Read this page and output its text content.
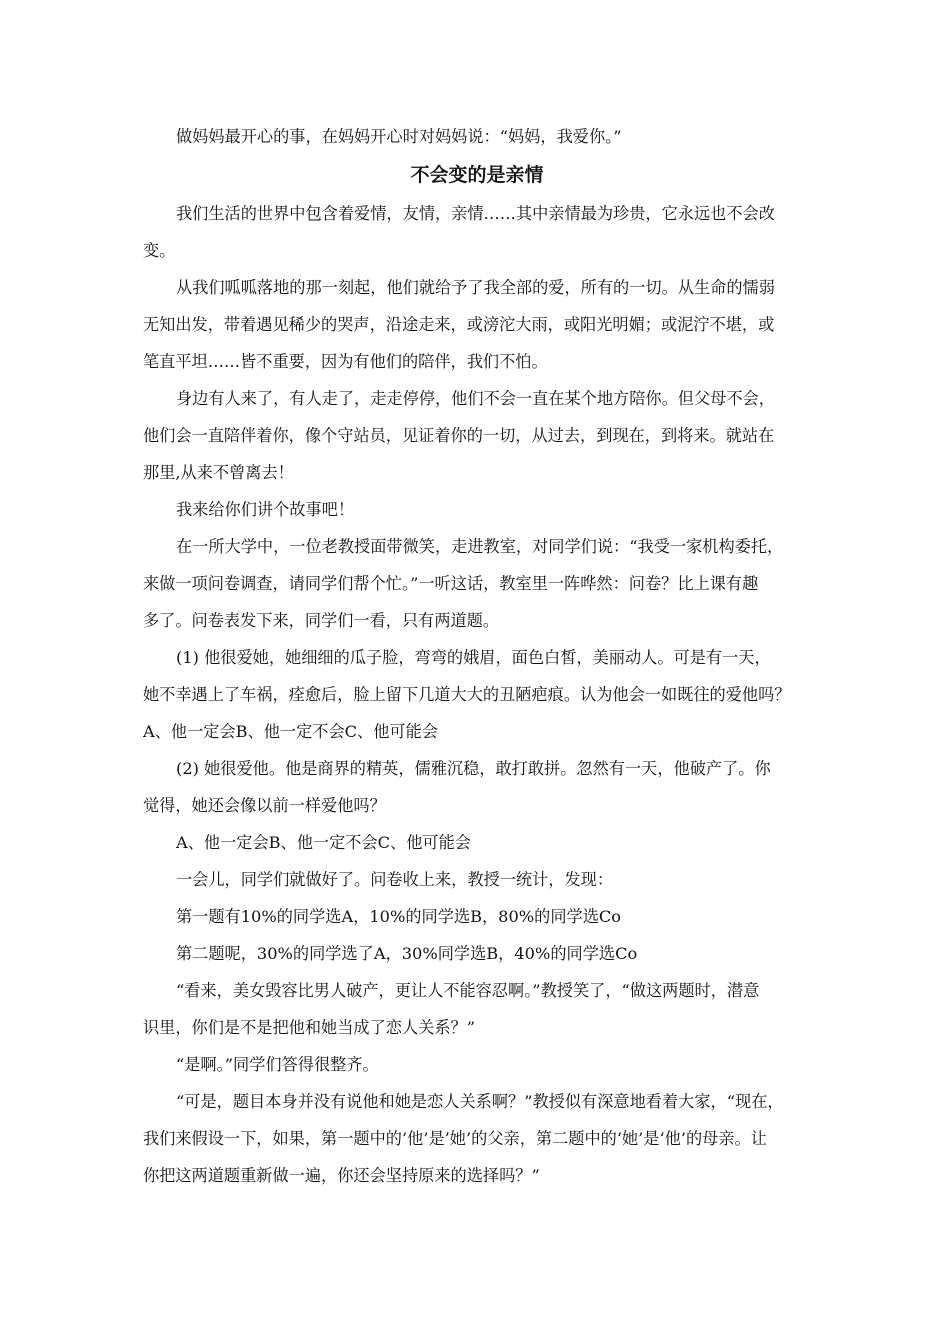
做妈妈最开心的事，在妈妈开心时对妈妈说：“妈妈，我爱你。”

不会变的是亲情

我们生活的世界中包含着爱情，友情，亲情……其中亲情最为珍贵，它永远也不会改

变。

从我们呱呱落地的那一刻起，他们就给予了我全部的爱，所有的一切。从生命的懦弱

无知出发，带着遇见稀少的哭声，沿途走来，或滂沱大雨，或阳光明媚；或泥泞不堪，或

笔直平坦……皆不重要，因为有他们的陪伴，我们不怕。

身边有人来了，有人走了，走走停停，他们不会一直在某个地方陪你。但父母不会，

他们会一直陪伴着你，像个守站员，见证着你的一切，从过去，到现在，到将来。就站在

那里,从来不曾离去！

我来给你们讲个故事吧！

在一所大学中，一位老教授面带微笑，走进教室，对同学们说：“我受一家机构委托，

来做一项问卷调查，请同学们帮个忙。”一听这话，教室里一阵哗然：问卷？比上课有趣

多了。问卷表发下来，同学们一看，只有两道题。

(1) 他很爱她，她细细的瓜子脸，弯弯的娥眉，面色白皙，美丽动人。可是有一天，

她不幸遇上了车祸，痊愈后，脸上留下几道大大的丑陋疤痕。认为他会一如既往的爱他吗？

A、他一定会B、他一定不会C、他可能会

(2) 她很爱他。他是商界的精英，儒雅沉稳，敢打敢拼。忽然有一天，他破产了。你

觉得，她还会像以前一样爱他吗？

A、他一定会B、他一定不会C、他可能会

一会儿，同学们就做好了。问卷收上来，教授一统计，发现：

第一题有10%的同学选A，10%的同学选B，80%的同学选Co

第二题呢，30%的同学选了A，30%同学选B，40%的同学选Co

“看来，美女毁容比男人破产，更让人不能容忍啊。”教授笑了，“做这两题时，潜意

识里，你们是不是把他和她当成了恋人关系？”

“是啊。”同学们答得很整齐。

“可是，题目本身并没有说他和她是恋人关系啊？”教授似有深意地看着大家，“现在，

我们来假设一下，如果，第一题中的’他’是’她’的父亲，第二题中的‘她’是‘他’的母亲。让

你把这两道题重新做一遍，你还会坚持原来的选择吗？”
